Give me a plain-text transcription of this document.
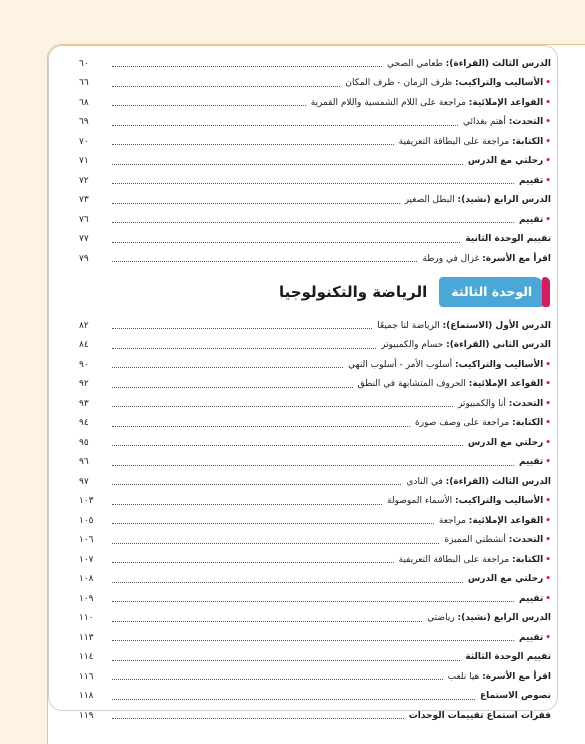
الدرس الثالث (القراءة): طعامي الصحي
٦٠
•الأساليب والتراكيب: ظرف الزمان - ظرف المكان
٦٦
•القواعد الإملائية: مراجعة على اللام الشمسية واللام القمرية
٦٨
•التحدث: أهتم بغذائي
٦٩
•الكتابة: مراجعة على البطاقة التعريفية
٧٠
•رحلتي مع الدرس
٧١
•تقييم
٧٢
الدرس الرابع (نشيد): البطل الصغير
٧٣
•تقييم
٧٦
تقييم الوحدة الثانية
٧٧
اقرأ مع الأسرة: غزال في ورطة
٧٩
الوحدة الثالثة
الرياضة والتكنولوجيا
الدرس الأول (الاستماع): الرياضة لنا جميعًا
٨٢
الدرس الثاني (القراءة): حسام والكمبيوتر
٨٤
•الأساليب والتراكيب: أسلوب الأمر - أسلوب النهي
٩٠
•القواعد الإملائية: الحروف المتشابهة في النطق
٩٢
•التحدث: أنا والكمبيوتر
٩٣
•الكتابة: مراجعة على وصف صورة
٩٤
•رحلتي مع الدرس
٩٥
•تقييم
٩٦
الدرس الثالث (القراءة): في النادي
٩٧
•الأساليب والتراكيب: الأسماء الموصولة
١٠٣
•القواعد الإملائية: مراجعة
١٠٥
•التحدث: أنشطتي المميزة
١٠٦
•الكتابة: مراجعة على البطاقة التعريفية
١٠٧
•رحلتي مع الدرس
١٠٨
•تقييم
١٠٩
الدرس الرابع (نشيد): رياضتي
١١٠
•تقييم
١١٣
تقييم الوحدة الثالثة
١١٤
اقرأ مع الأسرة: هيا نلعب
١١٦
نصوص الاستماع
١١٨
فقرات استماع تقييمات الوحدات
١١٩
